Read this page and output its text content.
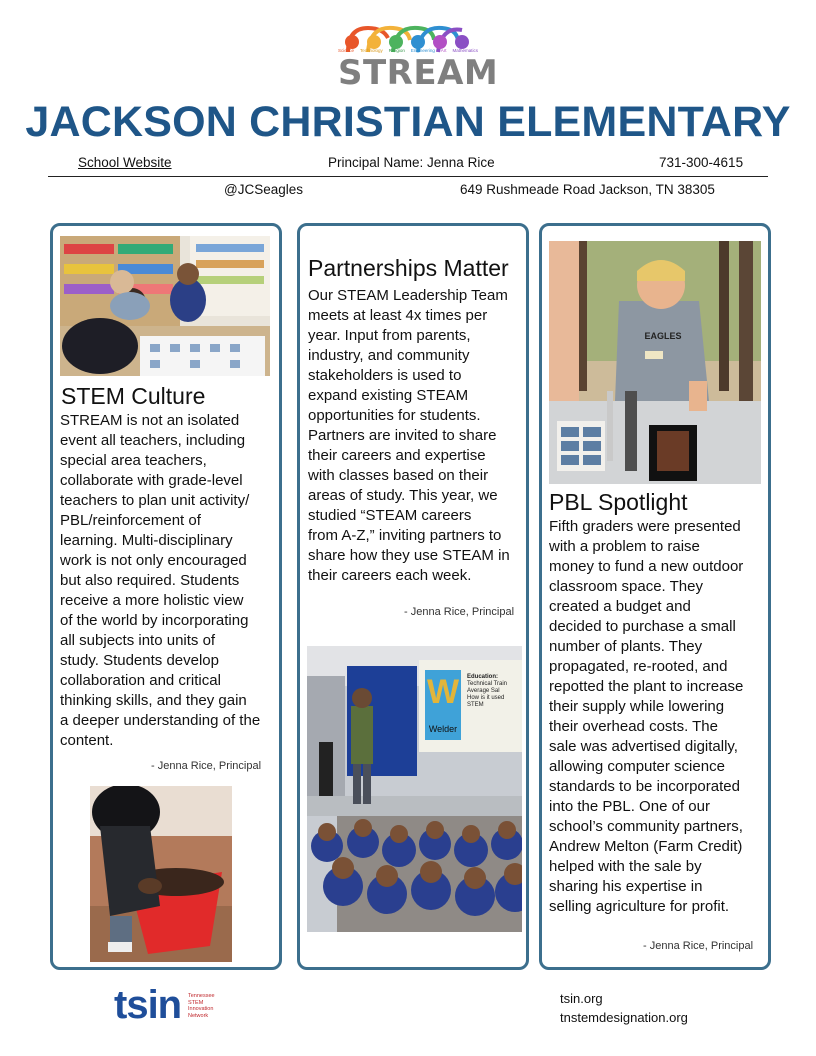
Science Technology Religion Engineering Art Mathematics
STREAM
JACKSON CHRISTIAN ELEMENTARY
School Website	Principal Name: Jenna Rice	731-300-4615
@JCSeagles	649 Rushmeade Road Jackson, TN 38305
STEM Culture
STREAM is not an isolated
event all teachers, including
special area teachers,
collaborate with grade-level
teachers to plan unit activity/
PBL/reinforcement of
learning. Multi-disciplinary
work is not only encouraged
but also required. Students
receive a more holistic view
of the world by incorporating
all subjects into units of
study. Students develop
collaboration and critical
thinking skills, and they gain
a deeper understanding of the
content.
- Jenna Rice, Principal
Partnerships Matter
Our STEAM Leadership Team
meets at least 4x times per
year. Input from parents,
industry, and community
stakeholders is used to
expand existing STEAM
opportunities for students.
Partners are invited to share
their careers and expertise
with classes based on their
areas of study. This year, we
studied “STEAM careers
from A-Z,” inviting partners to
share how they use STEAM in
their careers each week.
- Jenna Rice, Principal
W
Welder
Education:
Technical Train
Average Sal
How is it used
STEM
EAGLES
PBL Spotlight
Fifth graders were presented
with a problem to raise
money to fund a new outdoor
classroom space. They
created a budget and
decided to purchase a small
number of plants. They
propagated, re-rooted, and
repotted the plant to increase
their supply while lowering
their overhead costs. The
sale was advertised digitally,
allowing computer science
standards to be incorporated
into the PBL. One of our
school’s community partners,
Andrew Melton (Farm Credit)
helped with the sale by
sharing his expertise in
selling agriculture for profit.
- Jenna Rice, Principal
tsin Tennessee
STEM
Innovation
Network
tsin.org
tnstemdesignation.org
